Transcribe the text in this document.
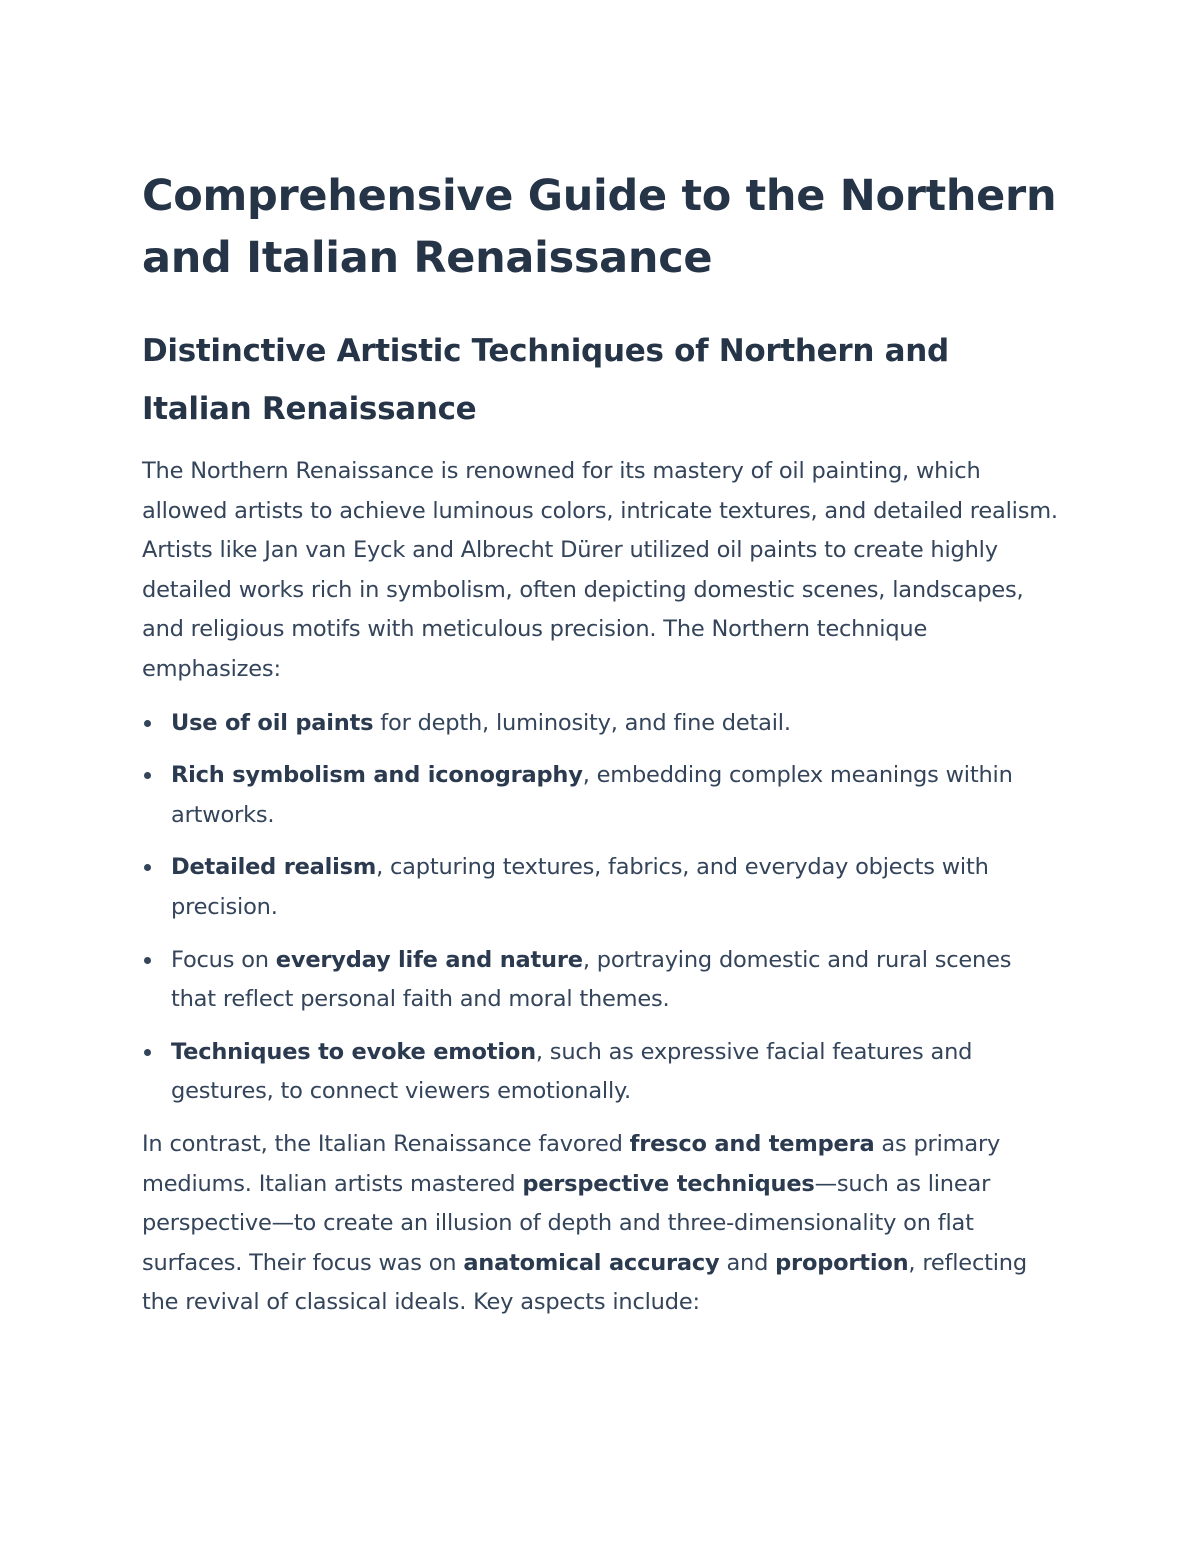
Comprehensive Guide to the Northern and Italian Renaissance
Distinctive Artistic Techniques of Northern and Italian Renaissance

The Northern Renaissance is renowned for its mastery of oil painting, which allowed artists to achieve luminous colors, intricate textures, and detailed realism. Artists like Jan van Eyck and Albrecht Dürer utilized oil paints to create highly detailed works rich in symbolism, often depicting domestic scenes, landscapes, and religious motifs with meticulous precision. The Northern technique emphasizes:

Use of oil paints for depth, luminosity, and fine detail.
Rich symbolism and iconography, embedding complex meanings within artworks.
Detailed realism, capturing textures, fabrics, and everyday objects with precision.
Focus on everyday life and nature, portraying domestic and rural scenes that reflect personal faith and moral themes.
Techniques to evoke emotion, such as expressive facial features and gestures, to connect viewers emotionally.

In contrast, the Italian Renaissance favored fresco and tempera as primary mediums. Italian artists mastered perspective techniques—such as linear perspective—to create an illusion of depth and three-dimensionality on flat surfaces. Their focus was on anatomical accuracy and proportion, reflecting the revival of classical ideals. Key aspects include:
